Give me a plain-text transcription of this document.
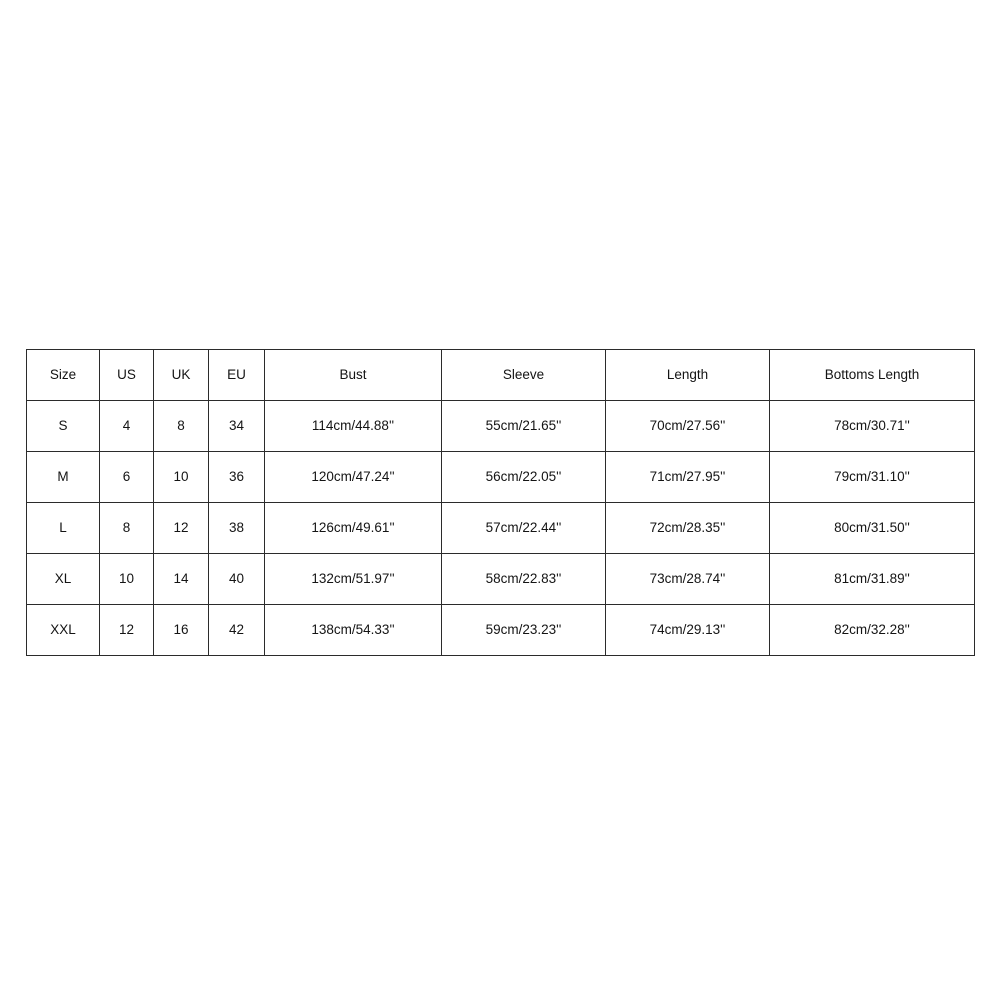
Size	US	UK	EU	Bust	Sleeve	Length	Bottoms Length

S	4	8	34	114cm/44.88''	55cm/21.65''	70cm/27.56''	78cm/30.71''

M	6	10	36	120cm/47.24''	56cm/22.05''	71cm/27.95''	79cm/31.10''

L	8	12	38	126cm/49.61''	57cm/22.44''	72cm/28.35''	80cm/31.50''

XL	10	14	40	132cm/51.97''	58cm/22.83''	73cm/28.74''	81cm/31.89''

XXL	12	16	42	138cm/54.33''	59cm/23.23''	74cm/29.13''	82cm/32.28''
